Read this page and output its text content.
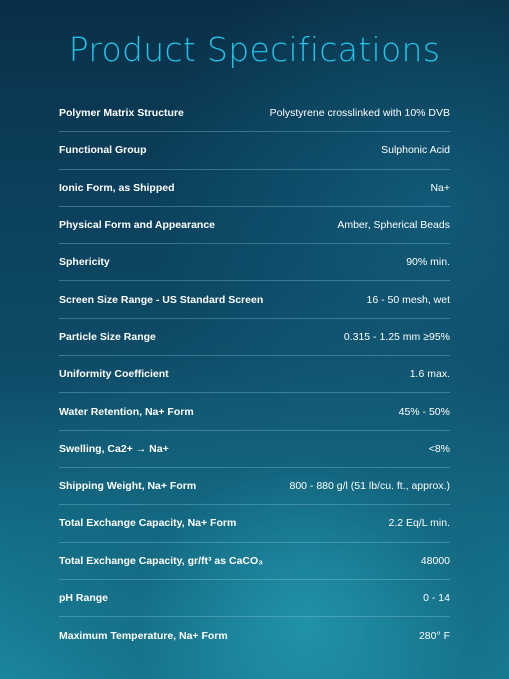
Product Specifications
Polymer Matrix Structure	Polystyrene crosslinked with 10% DVB
Functional Group	Sulphonic Acid
Ionic Form, as Shipped	Na+
Physical Form and Appearance	Amber, Spherical Beads
Sphericity	90% min.
Screen Size Range - US Standard Screen	16 - 50 mesh, wet
Particle Size Range	0.315 - 1.25 mm ≥95%
Uniformity Coefficient	1.6 max.
Water Retention, Na+ Form	45% - 50%
Swelling, Ca2+ → Na+	<8%
Shipping Weight, Na+ Form	800 - 880 g/l (51 lb/cu. ft., approx.)
Total Exchange Capacity, Na+ Form	2.2 Eq/L min.
Total Exchange Capacity, gr/ft³ as CaCO₃	48000
pH Range	0 - 14
Maximum Temperature, Na+ Form	280° F
